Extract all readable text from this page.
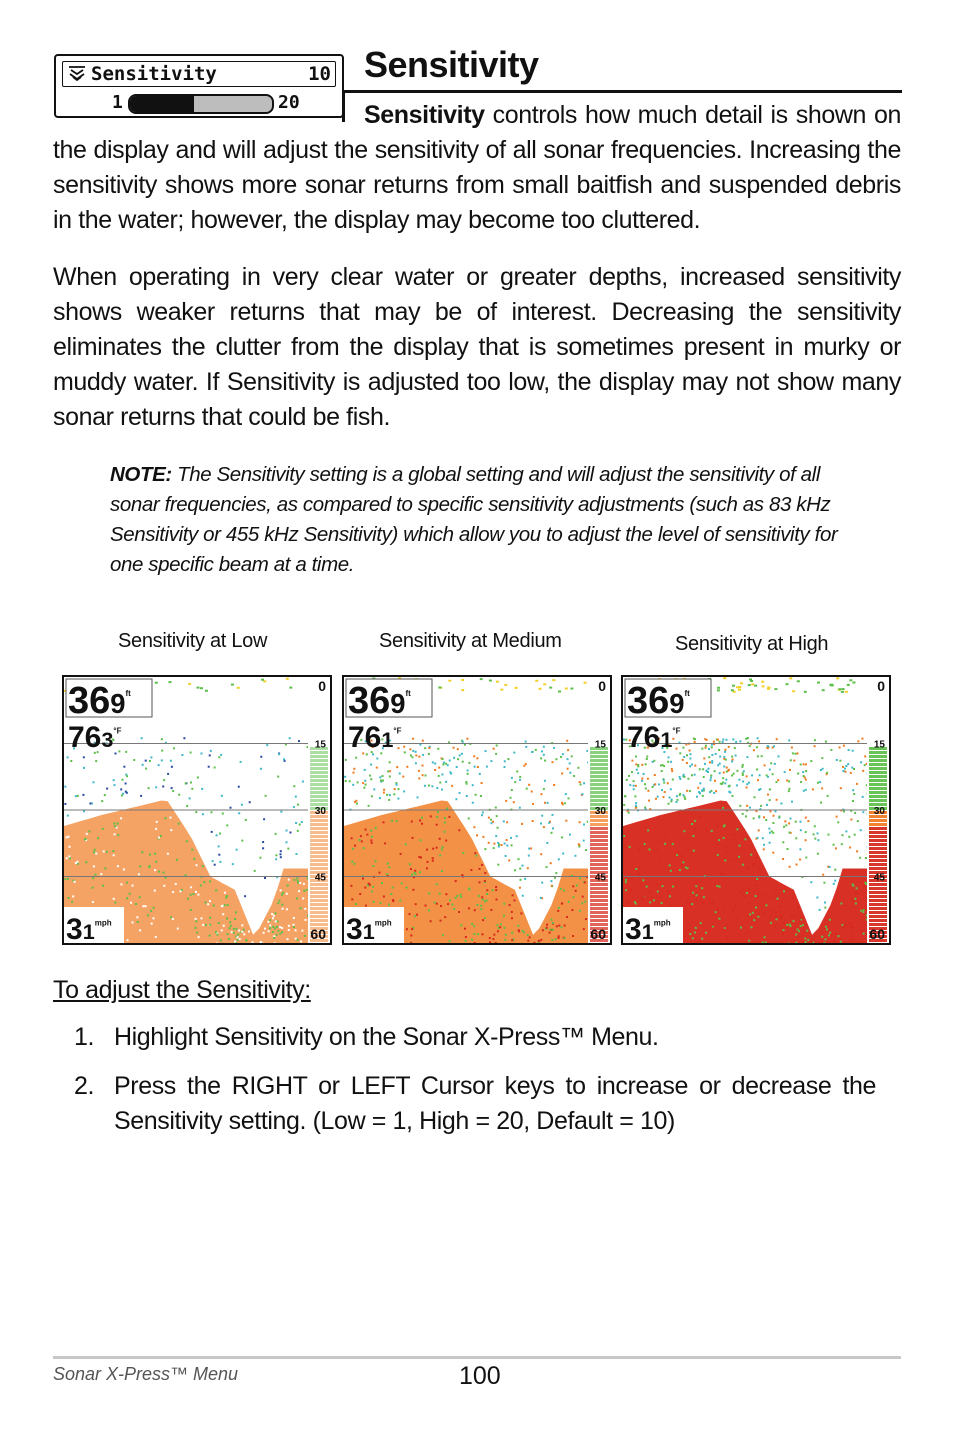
Sensitivity	10
1	20
Sensitivity
Sensitivity controls how much detail is shown on the display and will adjust the sensitivity of all sonar frequencies. Increasing the sensitivity shows more sonar returns from small baitfish and suspended debris in the water; however, the display may become too cluttered.
When operating in very clear water or greater depths, increased sensitivity shows weaker returns that may be of interest. Decreasing the sensitivity eliminates the clutter from the display that is sometimes present in murky or muddy water. If Sensitivity is adjusted too low, the display may not show many sonar returns that could be fish.
NOTE: The Sensitivity setting is a global setting and will adjust the sensitivity of all sonar frequencies, as compared to specific sensitivity adjustments (such as 83 kHz Sensitivity or 455 kHz Sensitivity) which allow you to adjust the level of sensitivity for one specific beam at a time.
Sensitivity at Low	Sensitivity at Medium	Sensitivity at High
0
15
30
45
60
$369^{ft}$
$763^{^\circ F}$
$31^{mph}$
0
15
30
45
60
$369^{ft}$
$761^{^\circ F}$
$31^{mph}$
0
15
30
45
60
$369^{ft}$
$761^{^\circ F}$
$31^{mph}$
To adjust the Sensitivity:
1. Highlight Sensitivity on the Sonar X-Press™ Menu.
2. Press the RIGHT or LEFT Cursor keys to increase or decrease the Sensitivity setting. (Low = 1, High = 20, Default = 10)
Sonar X-Press™ Menu	100
